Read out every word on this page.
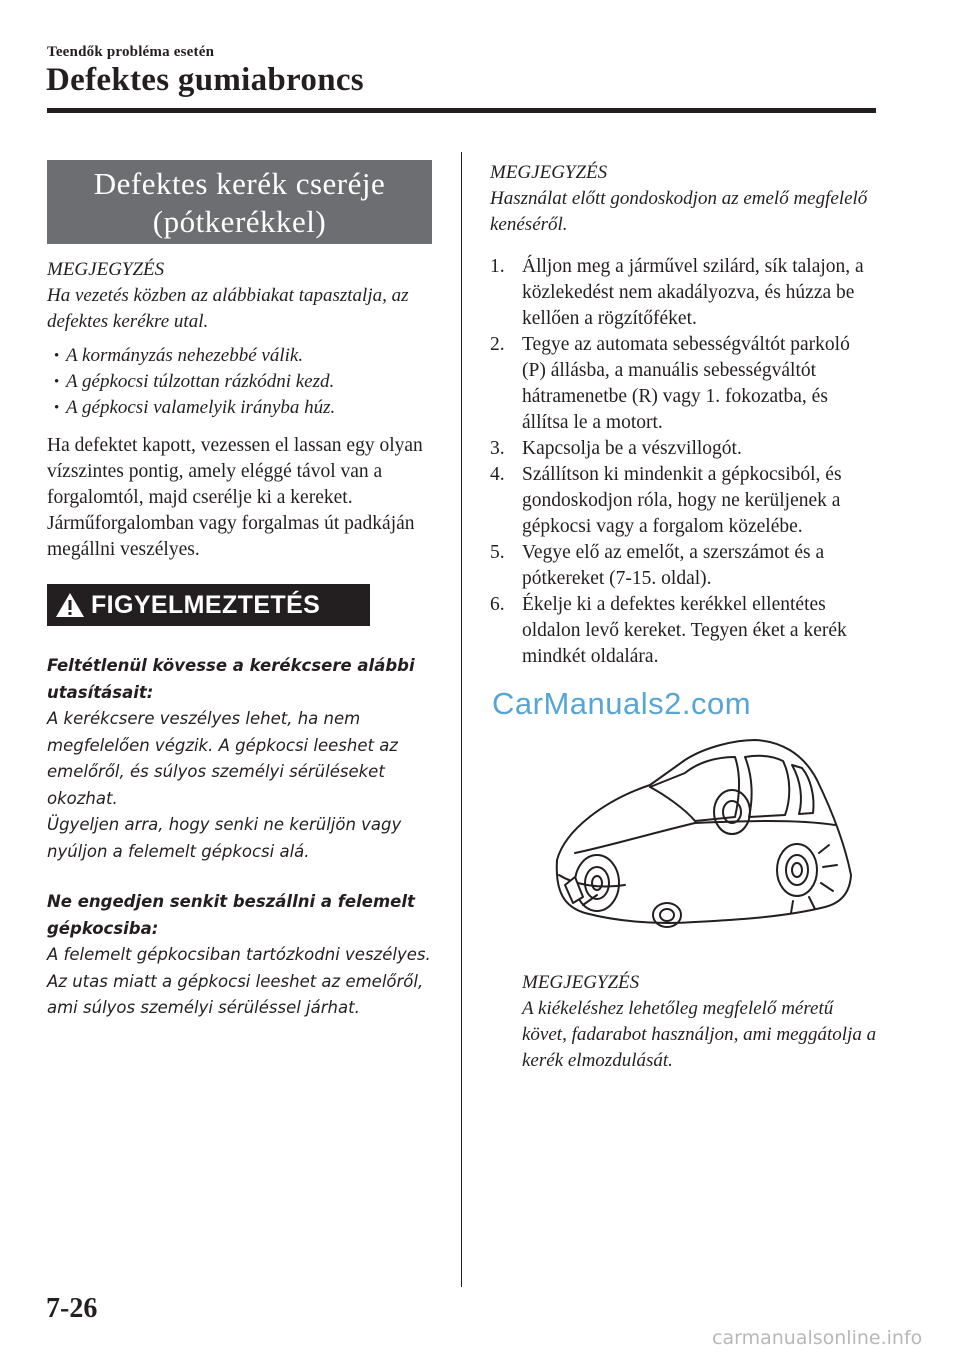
Teendők probléma esetén
Defektes gumiabroncs
Defektes kerék cseréje
(pótkerékkel)
MEGJEGYZÉS
Ha vezetés közben az alábbiakat tapasztalja, az defektes kerékre utal.
• A kormányzás nehezebbé válik.
• A gépkocsi túlzottan rázkódni kezd.
• A gépkocsi valamelyik irányba húz.
Ha defektet kapott, vezessen el lassan egy olyan vízszintes pontig, amely eléggé távol van a forgalomtól, majd cserélje ki a kereket.
Járműforgalomban vagy forgalmas út padkáján megállni veszélyes.
FIGYELMEZTETÉS
Feltétlenül kövesse a kerékcsere alábbi utasításait:
A kerékcsere veszélyes lehet, ha nem megfelelően végzik. A gépkocsi leeshet az emelőről, és súlyos személyi sérüléseket okozhat.
Ügyeljen arra, hogy senki ne kerüljön vagy nyúljon a felemelt gépkocsi alá.
Ne engedjen senkit beszállni a felemelt gépkocsiba:
A felemelt gépkocsiban tartózkodni veszélyes. Az utas miatt a gépkocsi leeshet az emelőről, ami súlyos személyi sérüléssel járhat.
MEGJEGYZÉS
Használat előtt gondoskodjon az emelő megfelelő kenéséről.
1. Álljon meg a járművel szilárd, sík talajon, a közlekedést nem akadályozva, és húzza be kellően a rögzítőféket.
2. Tegye az automata sebességváltót parkoló (P) állásba, a manuális sebességváltót hátramenetbe (R) vagy 1. fokozatba, és állítsa le a motort.
3. Kapcsolja be a vészvillogót.
4. Szállítson ki mindenkit a gépkocsiból, és gondoskodjon róla, hogy ne kerüljenek a gépkocsi vagy a forgalom közelébe.
5. Vegye elő az emelőt, a szerszámot és a pótkereket (7-15. oldal).
6. Ékelje ki a defektes kerékkel ellentétes oldalon levő kereket. Tegyen éket a kerék mindkét oldalára.
MEGJEGYZÉS
A kiékeléshez lehetőleg megfelelő méretű követ, fadarabot használjon, ami meggátolja a kerék elmozdulását.
CarManuals2.com
7-26
carmanualsonline.info
